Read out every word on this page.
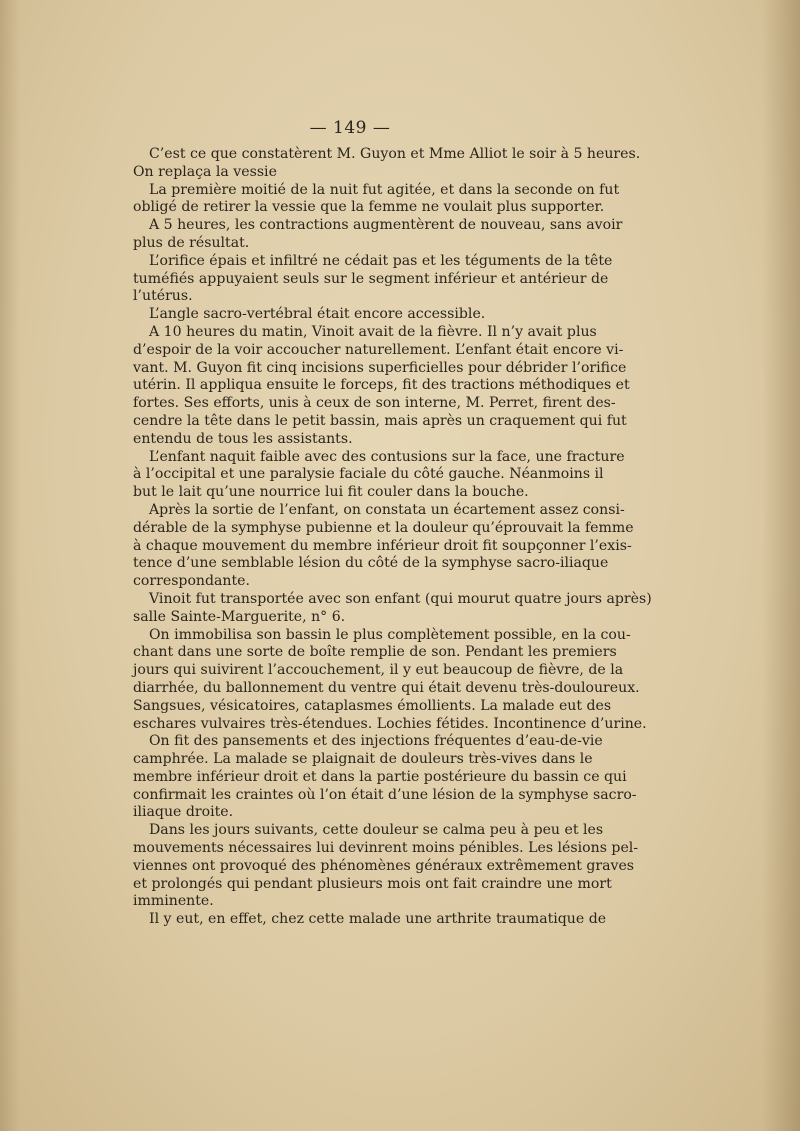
— 149 —
C’est ce que constatèrent M. Guyon et Mme Alliot le soir à 5 heures.
On replaça la vessie
La première moitié de la nuit fut agitée, et dans la seconde on fut
obligé de retirer la vessie que la femme ne voulait plus supporter.
A 5 heures, les contractions augmentèrent de nouveau, sans avoir
plus de résultat.
L’orifice épais et infiltré ne cédait pas et les téguments de la tête
tuméfiés appuyaient seuls sur le segment inférieur et antérieur de
l’utérus.
L’angle sacro-vertébral était encore accessible.
A 10 heures du matin, Vinoit avait de la fièvre. Il n’y avait plus
d’espoir de la voir accoucher naturellement. L’enfant était encore vi-
vant. M. Guyon fit cinq incisions superficielles pour débrider l’orifice
utérin. Il appliqua ensuite le forceps, fit des tractions méthodiques et
fortes. Ses efforts, unis à ceux de son interne, M. Perret, firent des-
cendre la tête dans le petit bassin, mais après un craquement qui fut
entendu de tous les assistants.
L’enfant naquit faible avec des contusions sur la face, une fracture
à l’occipital et une paralysie faciale du côté gauche. Néanmoins il
but le lait qu’une nourrice lui fit couler dans la bouche.
Après la sortie de l’enfant, on constata un écartement assez consi-
dérable de la symphyse pubienne et la douleur qu’éprouvait la femme
à chaque mouvement du membre inférieur droit fit soupçonner l’exis-
tence d’une semblable lésion du côté de la symphyse sacro-iliaque
correspondante.
Vinoit fut transportée avec son enfant (qui mourut quatre jours après)
salle Sainte-Marguerite, n° 6.
On immobilisa son bassin le plus complètement possible, en la cou-
chant dans une sorte de boîte remplie de son. Pendant les premiers
jours qui suivirent l’accouchement, il y eut beaucoup de fièvre, de la
diarrhée, du ballonnement du ventre qui était devenu très-douloureux.
Sangsues, vésicatoires, cataplasmes émollients. La malade eut des
eschares vulvaires très-étendues. Lochies fétides. Incontinence d’urine.
On fit des pansements et des injections fréquentes d’eau-de-vie
camphrée. La malade se plaignait de douleurs très-vives dans le
membre inférieur droit et dans la partie postérieure du bassin ce qui
confirmait les craintes où l’on était d’une lésion de la symphyse sacro-
iliaque droite.
Dans les jours suivants, cette douleur se calma peu à peu et les
mouvements nécessaires lui devinrent moins pénibles. Les lésions pel-
viennes ont provoqué des phénomènes généraux extrêmement graves
et prolongés qui pendant plusieurs mois ont fait craindre une mort
imminente.
Il y eut, en effet, chez cette malade une arthrite traumatique de
